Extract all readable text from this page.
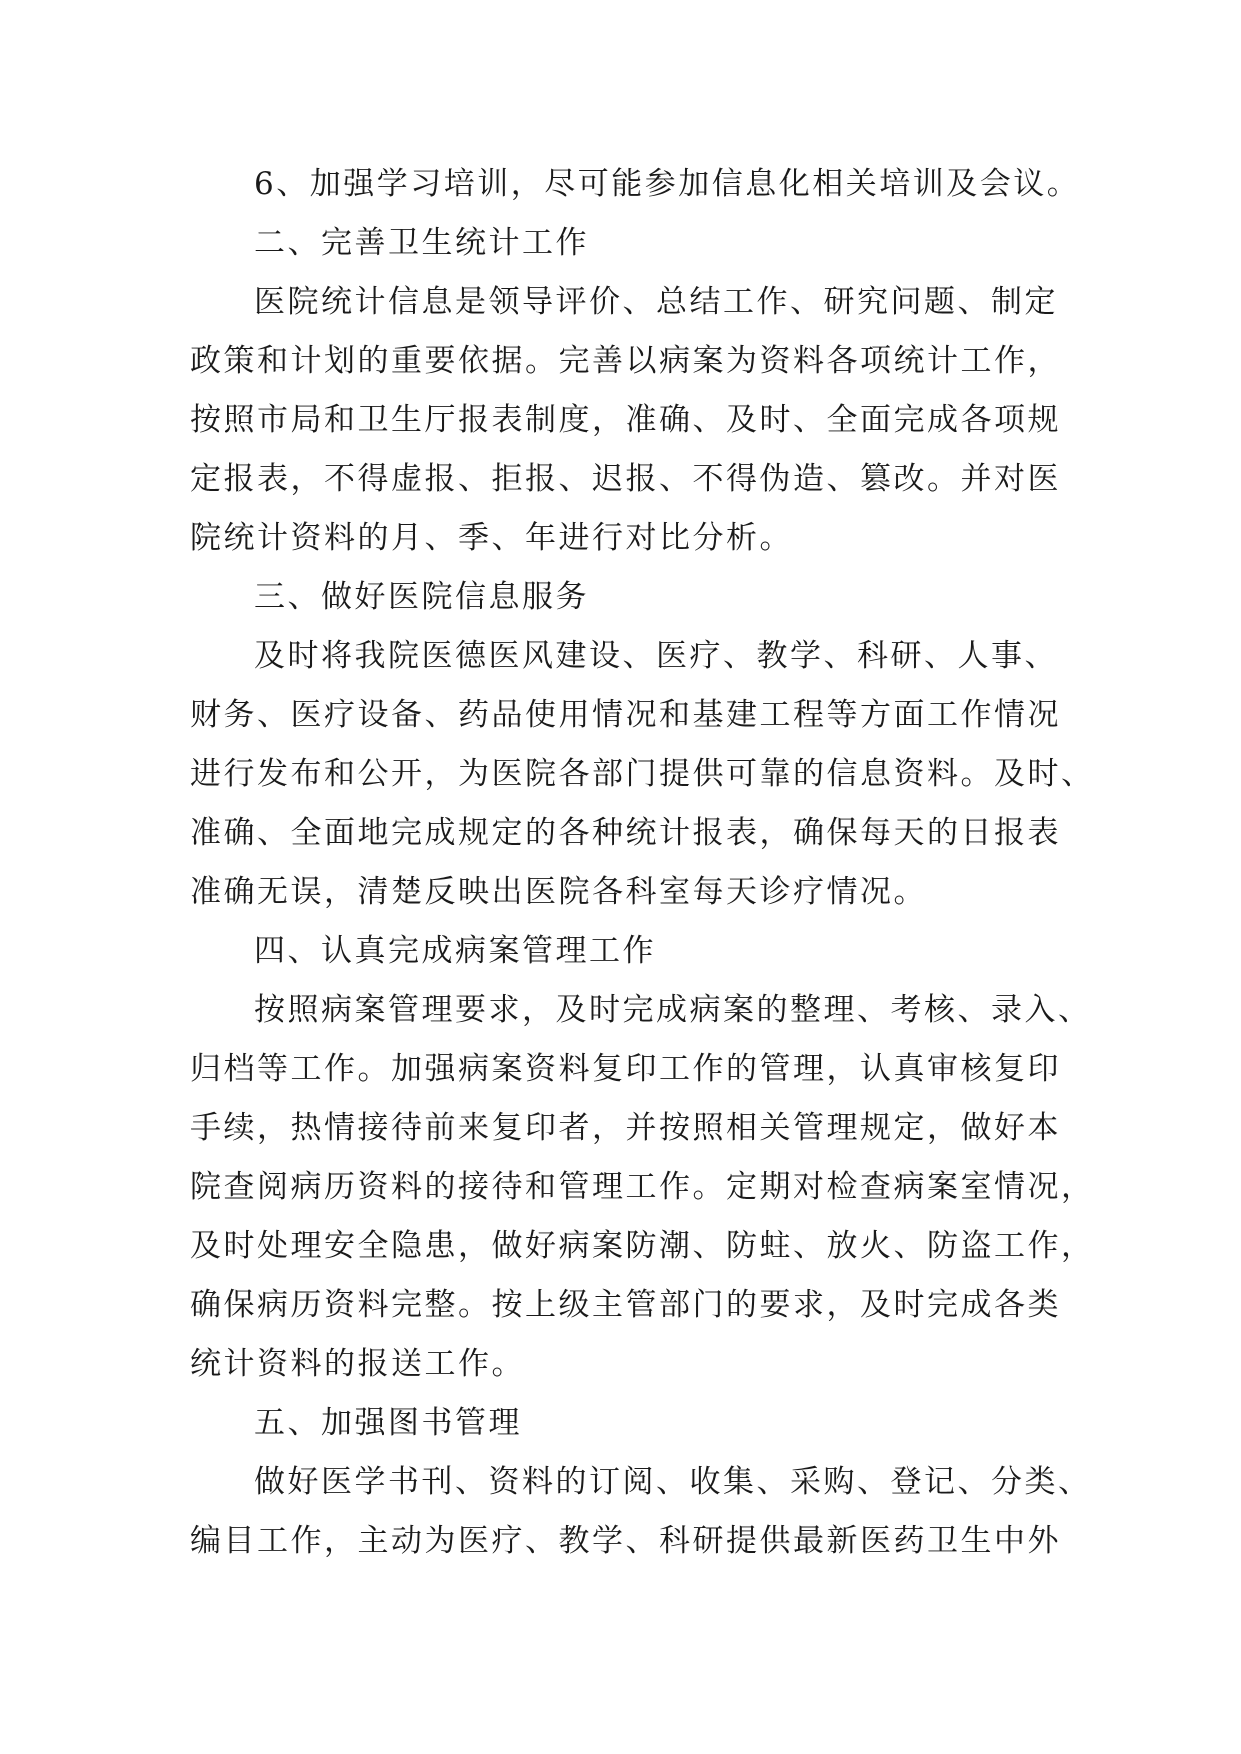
6、加强学习培训，尽可能参加信息化相关培训及会议。
二、完善卫生统计工作
医院统计信息是领导评价、总结工作、研究问题、制定
政策和计划的重要依据。完善以病案为资料各项统计工作，
按照市局和卫生厅报表制度，准确、及时、全面完成各项规
定报表，不得虚报、拒报、迟报、不得伪造、篡改。并对医
院统计资料的月、季、年进行对比分析。
三、做好医院信息服务
及时将我院医德医风建设、医疗、教学、科研、人事、
财务、医疗设备、药品使用情况和基建工程等方面工作情况
进行发布和公开，为医院各部门提供可靠的信息资料。及时、
准确、全面地完成规定的各种统计报表，确保每天的日报表
准确无误，清楚反映出医院各科室每天诊疗情况。
四、认真完成病案管理工作
按照病案管理要求，及时完成病案的整理、考核、录入、
归档等工作。加强病案资料复印工作的管理，认真审核复印
手续，热情接待前来复印者，并按照相关管理规定，做好本
院查阅病历资料的接待和管理工作。定期对检查病案室情况，
及时处理安全隐患，做好病案防潮、防蛀、放火、防盗工作，
确保病历资料完整。按上级主管部门的要求，及时完成各类
统计资料的报送工作。
五、加强图书管理
做好医学书刊、资料的订阅、收集、采购、登记、分类、
编目工作，主动为医疗、教学、科研提供最新医药卫生中外
